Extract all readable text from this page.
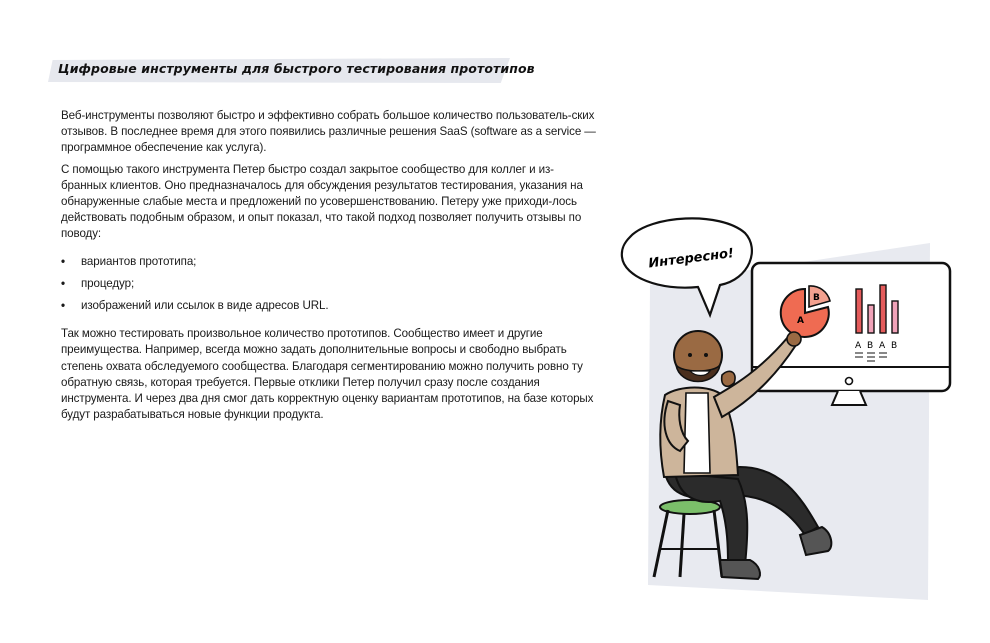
Цифровые инструменты для быстрого тестирования прототипов

Веб-инструменты позволяют быстро и эффективно собрать большое количество пользователь-ских отзывов. В последнее время для этого появились различные решения SaaS (software as a service — программное обеспечение как услуга).

С помощью такого инструмента Петер быстро создал закрытое сообщество для коллег и из-бранных клиентов. Оно предназначалось для обсуждения результатов тестирования, указания на обнаруженные слабые места и предложений по усовершенствованию. Петеру уже приходи-лось действовать подобным образом, и опыт показал, что такой подход позволяет получить отзывы по поводу:

•	вариантов прототипа;
•	процедур;
•	изображений или ссылок в виде адресов URL.

Так можно тестировать произвольное количество прототипов. Сообщество имеет и другие преимущества. Например, всегда можно задать дополнительные вопросы и свободно выбрать степень охвата обследуемого сообщества. Благодаря сегментированию можно получить ровно ту обратную связь, которая требуется. Первые отклики Петер получил сразу после создания инструмента. И через два дня смог дать корректную оценку вариантам прототипов, на базе которых будут разрабатываться новые функции продукта.

A
B
A B A B
Интересно!
